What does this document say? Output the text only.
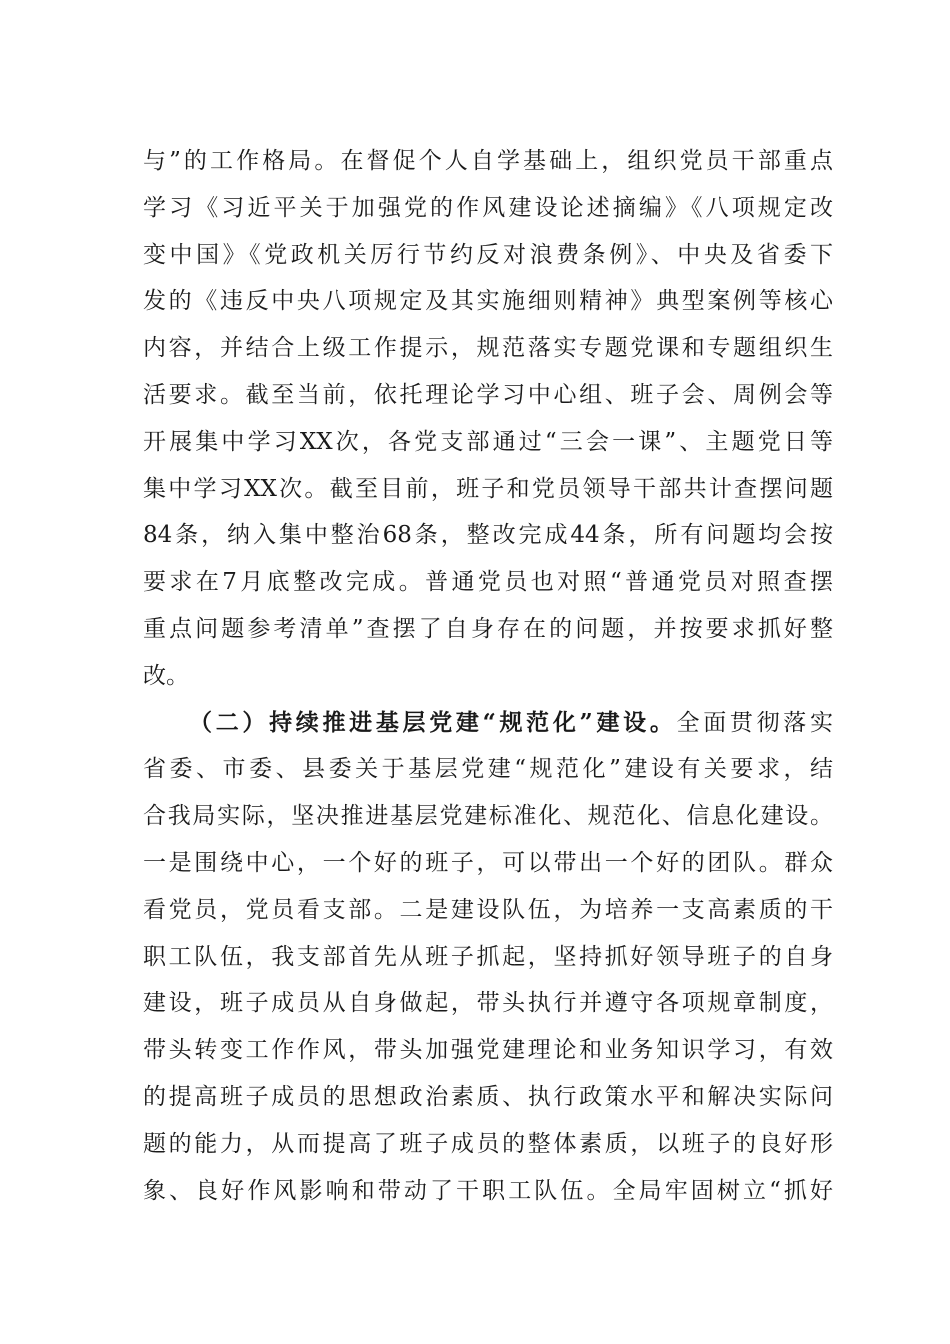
与”的工作格局。在督促个人自学基础上，组织党员干部重点
学习《习近平关于加强党的作风建设论述摘编》《八项规定改
变中国》《党政机关厉行节约反对浪费条例》、中央及省委下
发的《违反中央八项规定及其实施细则精神》典型案例等核心
内容，并结合上级工作提示，规范落实专题党课和专题组织生
活要求。截至当前，依托理论学习中心组、班子会、周例会等
开展集中学习XX次，各党支部通过“三会一课”、主题党日等
集中学习XX次。截至目前，班子和党员领导干部共计查摆问题
84条，纳入集中整治68条，整改完成44条，所有问题均会按
要求在7月底整改完成。普通党员也对照“普通党员对照查摆
重点问题参考清单”查摆了自身存在的问题，并按要求抓好整
改。
（二）持续推进基层党建“规范化”建设。全面贯彻落实
省委、市委、县委关于基层党建“规范化”建设有关要求，结
合我局实际，坚决推进基层党建标准化、规范化、信息化建设。
一是围绕中心，一个好的班子，可以带出一个好的团队。群众
看党员，党员看支部。二是建设队伍，为培养一支高素质的干
职工队伍，我支部首先从班子抓起，坚持抓好领导班子的自身
建设，班子成员从自身做起，带头执行并遵守各项规章制度，
带头转变工作作风，带头加强党建理论和业务知识学习，有效
的提高班子成员的思想政治素质、执行政策水平和解决实际问
题的能力，从而提高了班子成员的整体素质，以班子的良好形
象、良好作风影响和带动了干职工队伍。全局牢固树立“抓好
